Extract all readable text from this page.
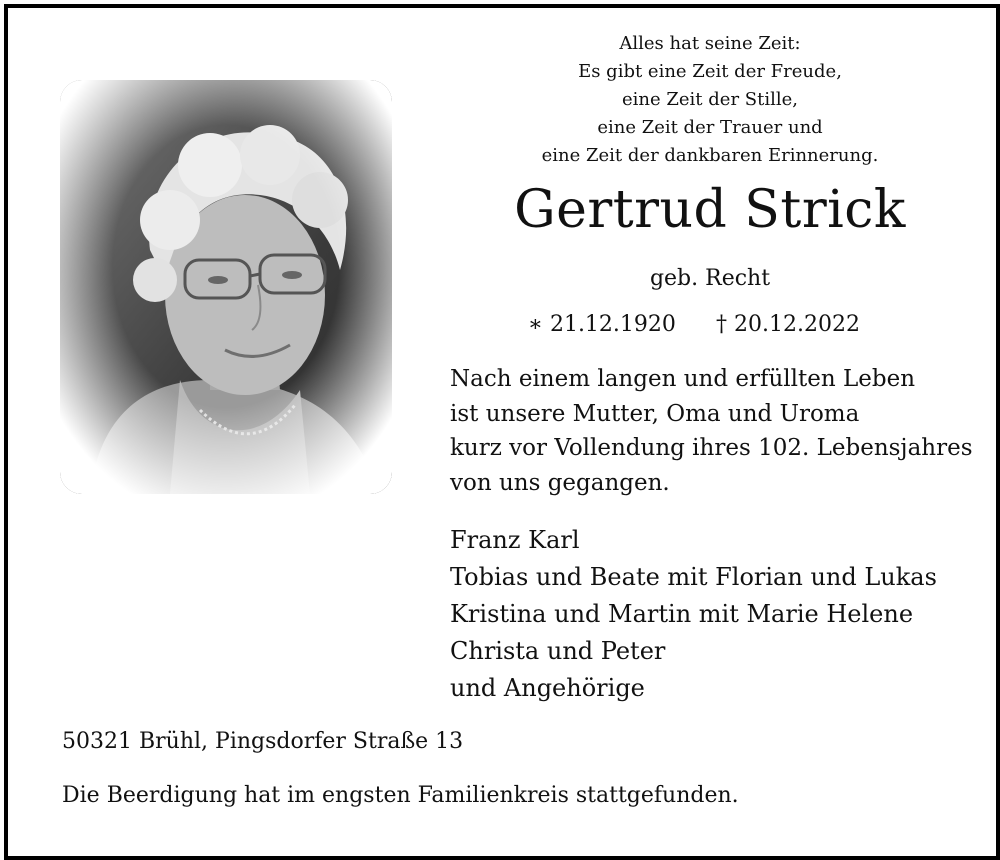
Alles hat seine Zeit:
Es gibt eine Zeit der Freude,
eine Zeit der Stille,
eine Zeit der Trauer und
eine Zeit der dankbaren Erinnerung.
Gertrud Strick
geb. Recht
∗ 21.12.1920 † 20.12.2022
Nach einem langen und erfüllten Leben
ist unsere Mutter, Oma und Uroma
kurz vor Vollendung ihres 102. Lebensjahres
von uns gegangen.
Franz Karl
Tobias und Beate mit Florian und Lukas
Kristina und Martin mit Marie Helene
Christa und Peter
und Angehörige
50321 Brühl, Pingsdorfer Straße 13
Die Beerdigung hat im engsten Familienkreis stattgefunden.
